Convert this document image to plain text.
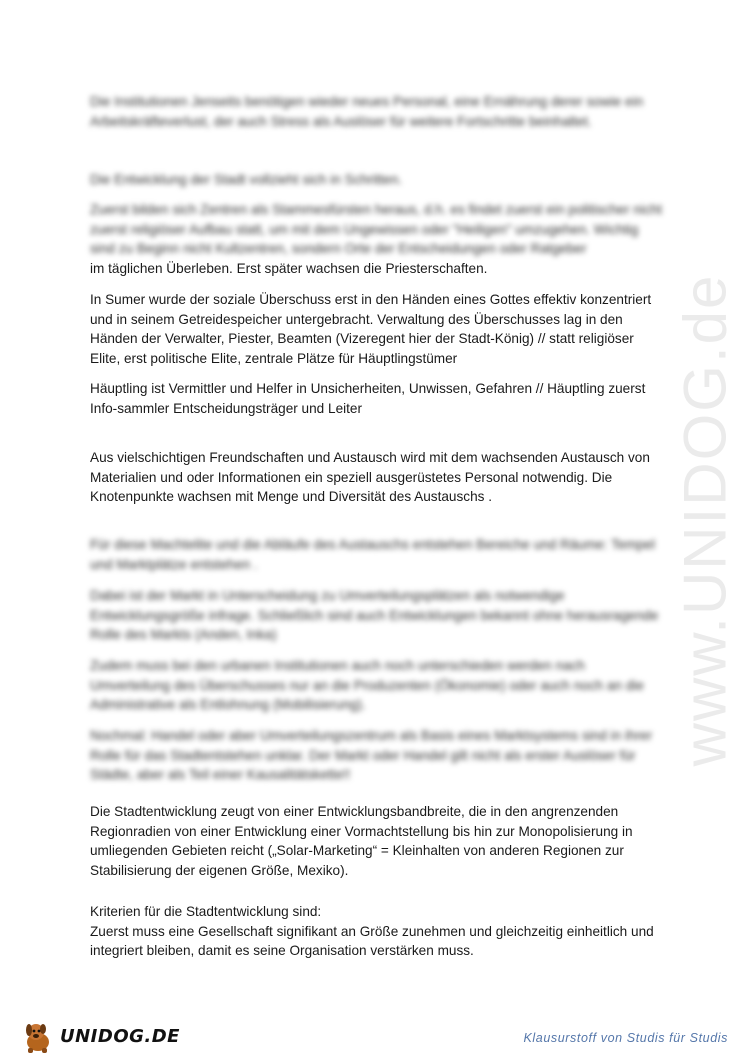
Die Institutionen Jenseits benötigen wieder neues Personal, eine Ernährung derer sowie ein Arbeitskräfteverlust, der auch Stress als Auslöser für weitere Fortschritte beinhaltet.

Die Entwicklung der Stadt vollzieht sich in Schritten.

Zuerst bilden sich Zentren als Stammesfürsten heraus, d.h. es findet zuerst ein politischer nicht zuerst religiöser Aufbau statt, um mit dem Ungewissen oder "Heiligen" umzugehen. Wichtig sind zu Beginn nicht Kultzentren, sondern Orte der Entscheidungen oder Ratgeber
im täglichen Überleben. Erst später wachsen die Priesterschaften.

In Sumer wurde der soziale Überschuss erst in den Händen eines Gottes effektiv konzentriert und in seinem Getreidespeicher untergebracht. Verwaltung des Überschusses lag in den Händen der Verwalter, Piester, Beamten (Vizeregent hier der Stadt-König) // statt religiöser Elite, erst politische Elite, zentrale Plätze für Häuptlingstümer

Häuptling ist Vermittler und Helfer in Unsicherheiten, Unwissen, Gefahren // Häuptling zuerst Info-sammler Entscheidungsträger und Leiter

Aus vielschichtigen Freundschaften und Austausch wird mit dem wachsenden Austausch von Materialien und oder Informationen ein speziell ausgerüstetes Personal notwendig. Die Knotenpunkte wachsen mit Menge und Diversität des Austauschs .

Für diese Machtelite und die Abläufe des Austauschs entstehen Bereiche und Räume: Tempel und Marktplätze entstehen .

Dabei ist der Markt in Unterscheidung zu Umverteilungsplätzen als notwendige Entwicklungsgröße infrage. Schließlich sind auch Entwicklungen bekannt ohne herausragende Rolle des Markts (Anden, Inka)

Zudem muss bei den urbanen Institutionen auch noch unterschieden werden nach Umverteilung des Überschusses nur an die Produzenten (Ökonomie) oder auch noch an die Administrative als Entlohnung (Mobilisierung).

Nochmal: Handel oder aber Umverteilungszentrum als Basis eines Marktsystems sind in ihrer Rolle für das Stadtentstehen unklar. Der Markt oder Handel gilt nicht als erster Auslöser für Städte, aber als Teil einer Kausalitätskette!!

Die Stadtentwicklung zeugt von einer Entwicklungsbandbreite, die in den angrenzenden Regionradien von einer Entwicklung einer Vormachtstellung bis hin zur Monopolisierung in umliegenden Gebieten reicht („Solar-Marketing“ = Kleinhalten von anderen Regionen zur Stabilisierung der eigenen Größe, Mexiko).

Kriterien für die Stadtentwicklung sind:
Zuerst muss eine Gesellschaft signifikant an Größe zunehmen und gleichzeitig einheitlich und integriert bleiben, damit es seine Organisation verstärken muss.
www.UNIDOG.de
UNIDOG.DE	Klausurstoff von Studis für Studis
